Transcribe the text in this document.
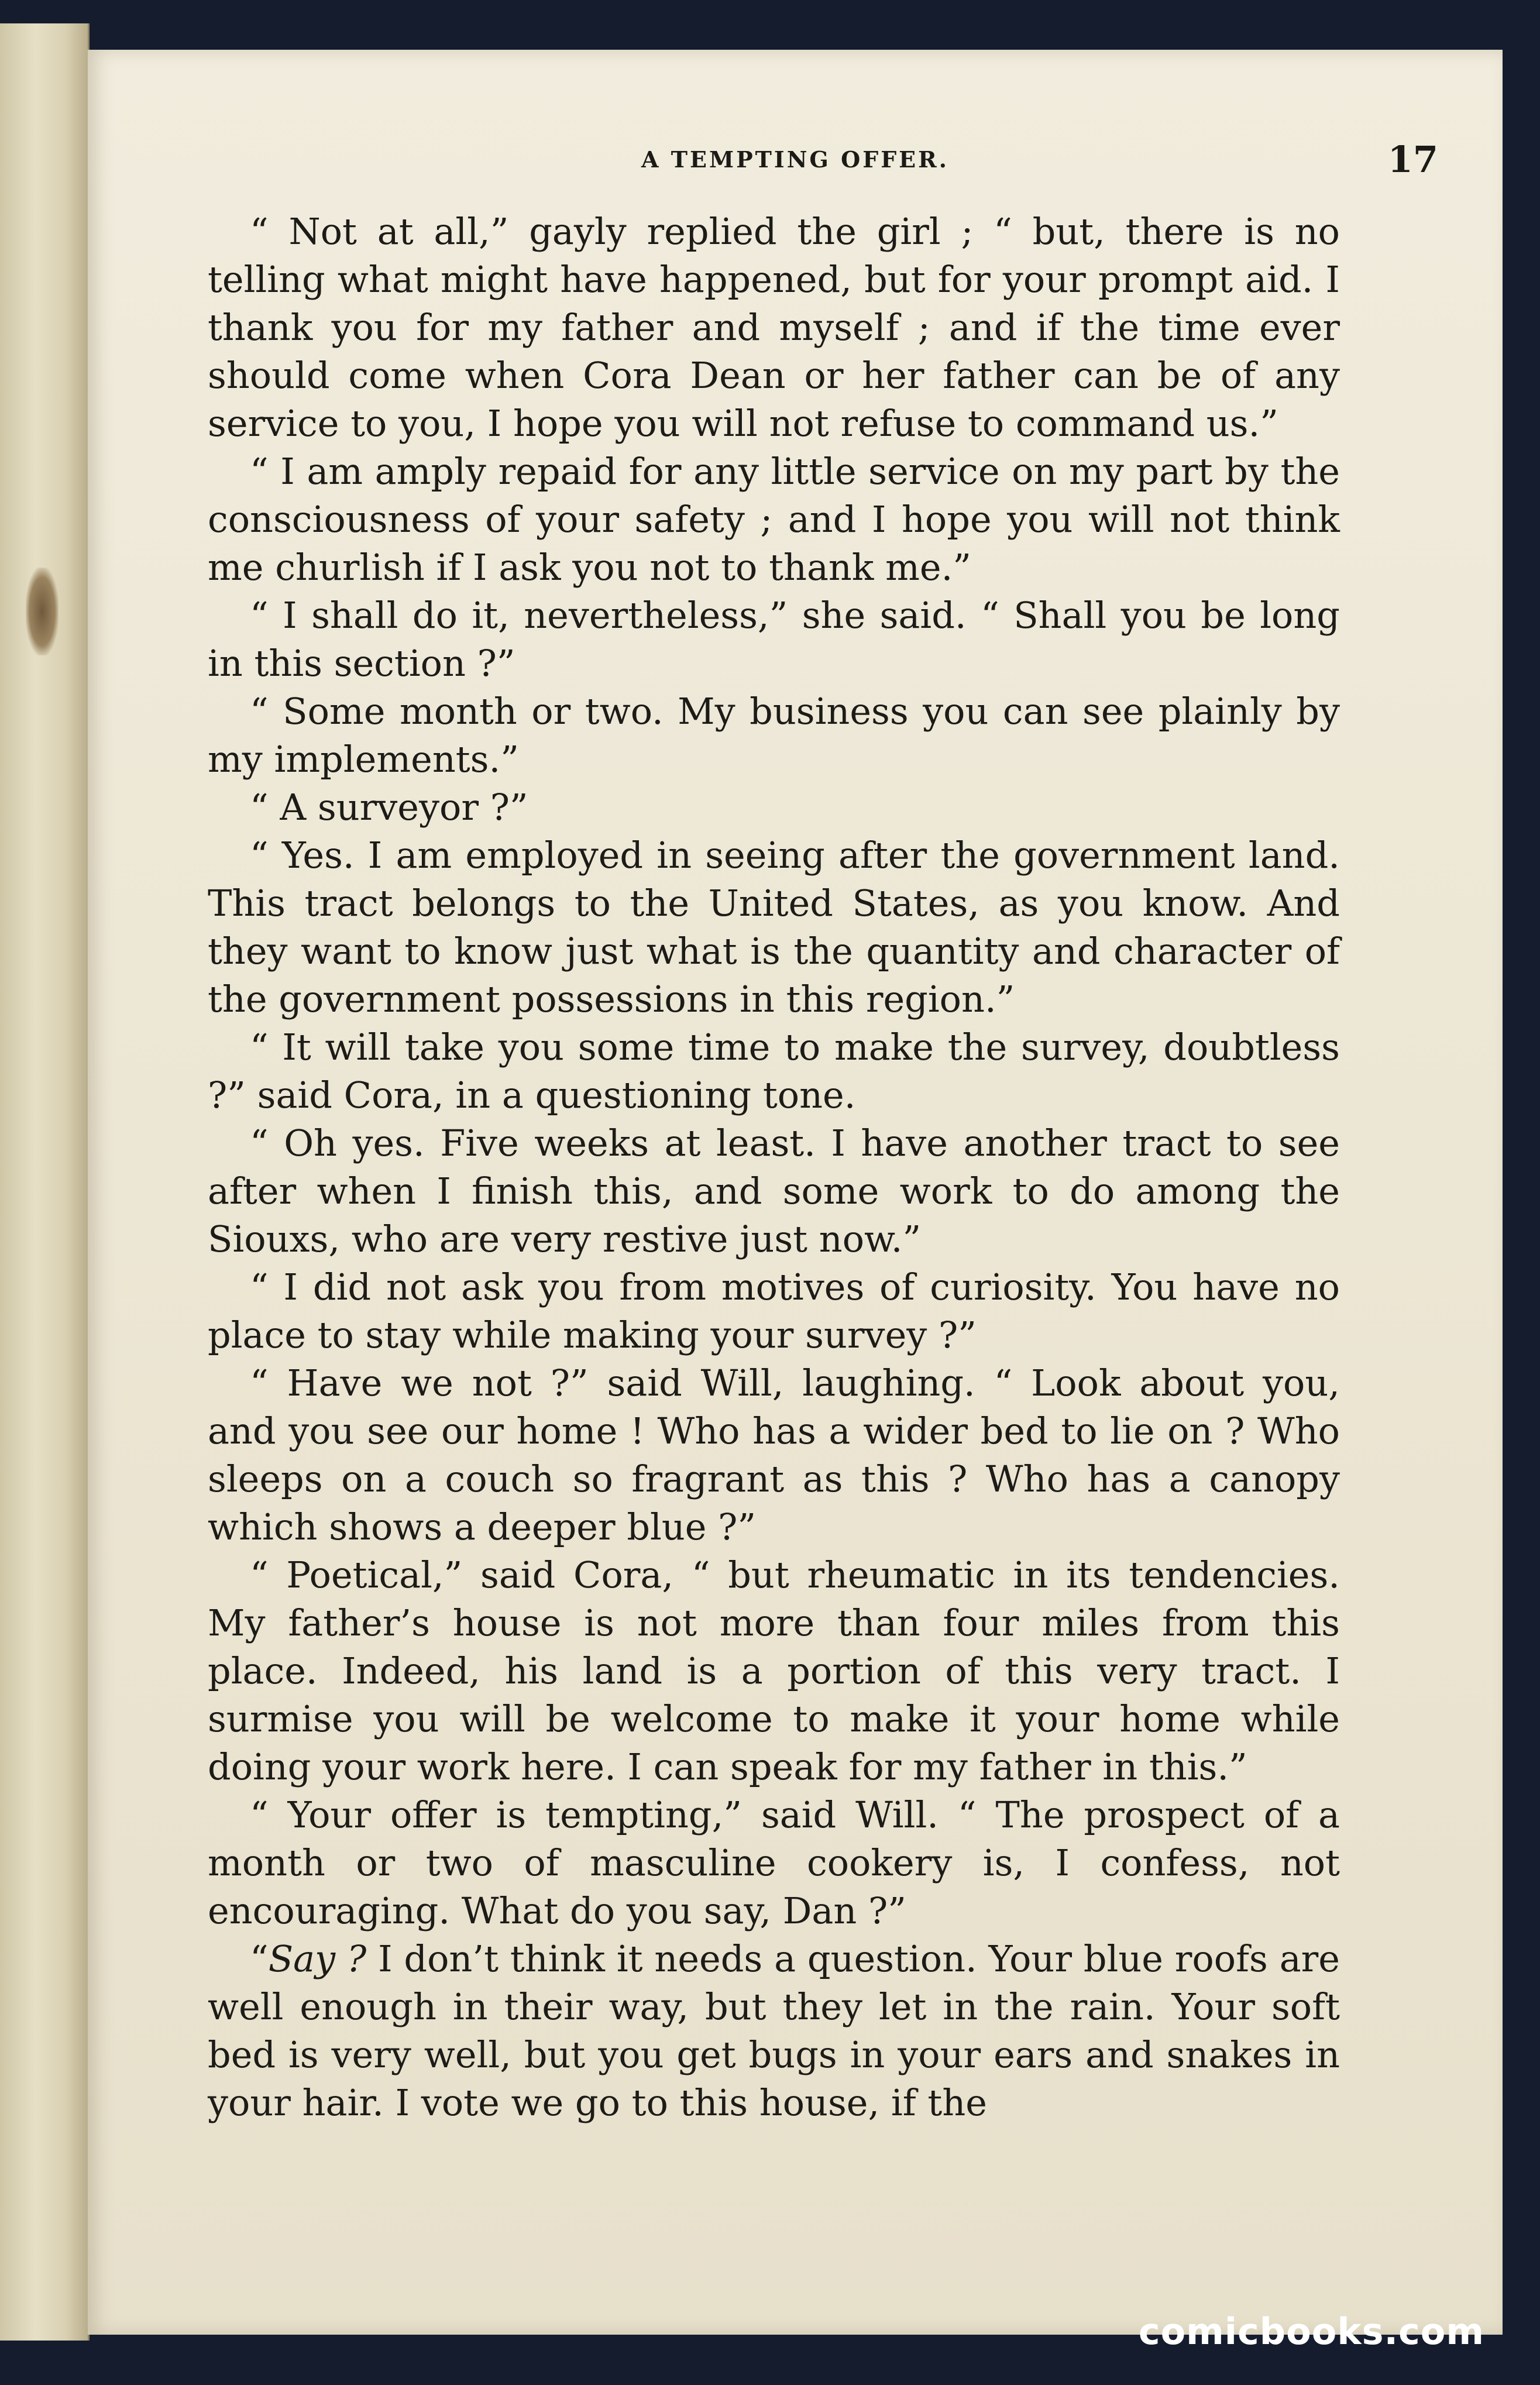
A TEMPTING OFFER.	17

“ Not at all,” gayly replied the girl ; “ but, there is no telling what might have happened, but for your prompt aid. I thank you for my father and myself ; and if the time ever should come when Cora Dean or her father can be of any service to you, I hope you will not refuse to command us.”

“ I am amply repaid for any little service on my part by the consciousness of your safety ; and I hope you will not think me churlish if I ask you not to thank me.”

“ I shall do it, nevertheless,” she said. “ Shall you be long in this section ?”

“ Some month or two. My business you can see plainly by my implements.”

“ A surveyor ?”

“ Yes. I am employed in seeing after the government land. This tract belongs to the United States, as you know. And they want to know just what is the quantity and character of the government possessions in this region.”

“ It will take you some time to make the survey, doubtless ?” said Cora, in a questioning tone.

“ Oh yes. Five weeks at least. I have another tract to see after when I finish this, and some work to do among the Siouxs, who are very restive just now.”

“ I did not ask you from motives of curiosity. You have no place to stay while making your survey ?”

“ Have we not ?” said Will, laughing. “ Look about you, and you see our home ! Who has a wider bed to lie on ? Who sleeps on a couch so fragrant as this ? Who has a canopy which shows a deeper blue ?”

“ Poetical,” said Cora, “ but rheumatic in its tendencies. My father’s house is not more than four miles from this place. Indeed, his land is a portion of this very tract. I surmise you will be welcome to make it your home while doing your work here. I can speak for my father in this.”

“ Your offer is tempting,” said Will. “ The prospect of a month or two of masculine cookery is, I confess, not encouraging. What do you say, Dan ?”

“Say ? I don’t think it needs a question. Your blue roofs are well enough in their way, but they let in the rain. Your soft bed is very well, but you get bugs in your ears and snakes in your hair. I vote we go to this house, if the

comicbooks.com
